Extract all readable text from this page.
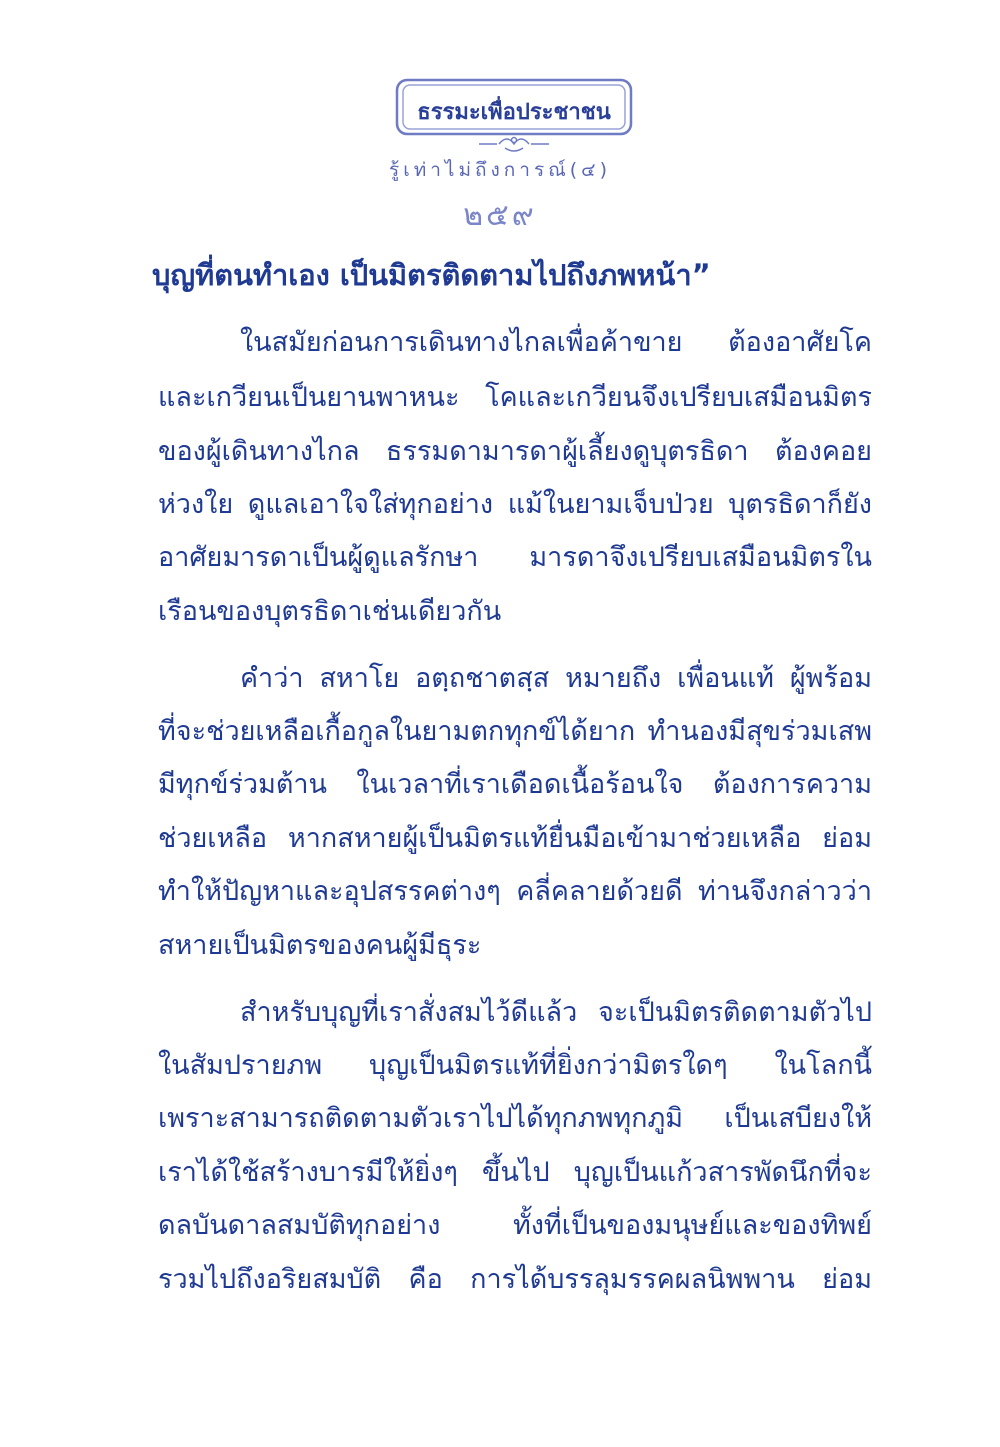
ธรรมะเพื่อประชาชน
รู้เท่าไม่ถึงการณ์(๔)
๒๕๙
บุญที่ตนทำเอง เป็นมิตรติดตามไปถึงภพหน้า”
ในสมัยก่อนการเดินทางไกลเพื่อค้าขาย ต้องอาศัยโค
และเกวียนเป็นยานพาหนะ โคและเกวียนจึงเปรียบเสมือนมิตร
ของผู้เดินทางไกล ธรรมดามารดาผู้เลี้ยงดูบุตรธิดา ต้องคอย
ห่วงใย ดูแลเอาใจใส่ทุกอย่าง แม้ในยามเจ็บป่วย บุตรธิดาก็ยัง
อาศัยมารดาเป็นผู้ดูแลรักษา มารดาจึงเปรียบเสมือนมิตรใน
เรือนของบุตรธิดาเช่นเดียวกัน
คำว่า สหาโย อตฺถชาตสฺส หมายถึง เพื่อนแท้ ผู้พร้อม
ที่จะช่วยเหลือเกื้อกูลในยามตกทุกข์ได้ยาก ทำนองมีสุขร่วมเสพ
มีทุกข์ร่วมต้าน ในเวลาที่เราเดือดเนื้อร้อนใจ ต้องการความ
ช่วยเหลือ หากสหายผู้เป็นมิตรแท้ยื่นมือเข้ามาช่วยเหลือ ย่อม
ทำให้ปัญหาและอุปสรรคต่างๆ คลี่คลายด้วยดี ท่านจึงกล่าวว่า
สหายเป็นมิตรของคนผู้มีธุระ
สำหรับบุญที่เราสั่งสมไว้ดีแล้ว จะเป็นมิตรติดตามตัวไป
ในสัมปรายภพ บุญเป็นมิตรแท้ที่ยิ่งกว่ามิตรใดๆ ในโลกนี้
เพราะสามารถติดตามตัวเราไปได้ทุกภพทุกภูมิ เป็นเสบียงให้
เราได้ใช้สร้างบารมีให้ยิ่งๆ ขึ้นไป บุญเป็นแก้วสารพัดนึกที่จะ
ดลบันดาลสมบัติทุกอย่าง ทั้งที่เป็นของมนุษย์และของทิพย์
รวมไปถึงอริยสมบัติ คือ การได้บรรลุมรรคผลนิพพาน ย่อม
